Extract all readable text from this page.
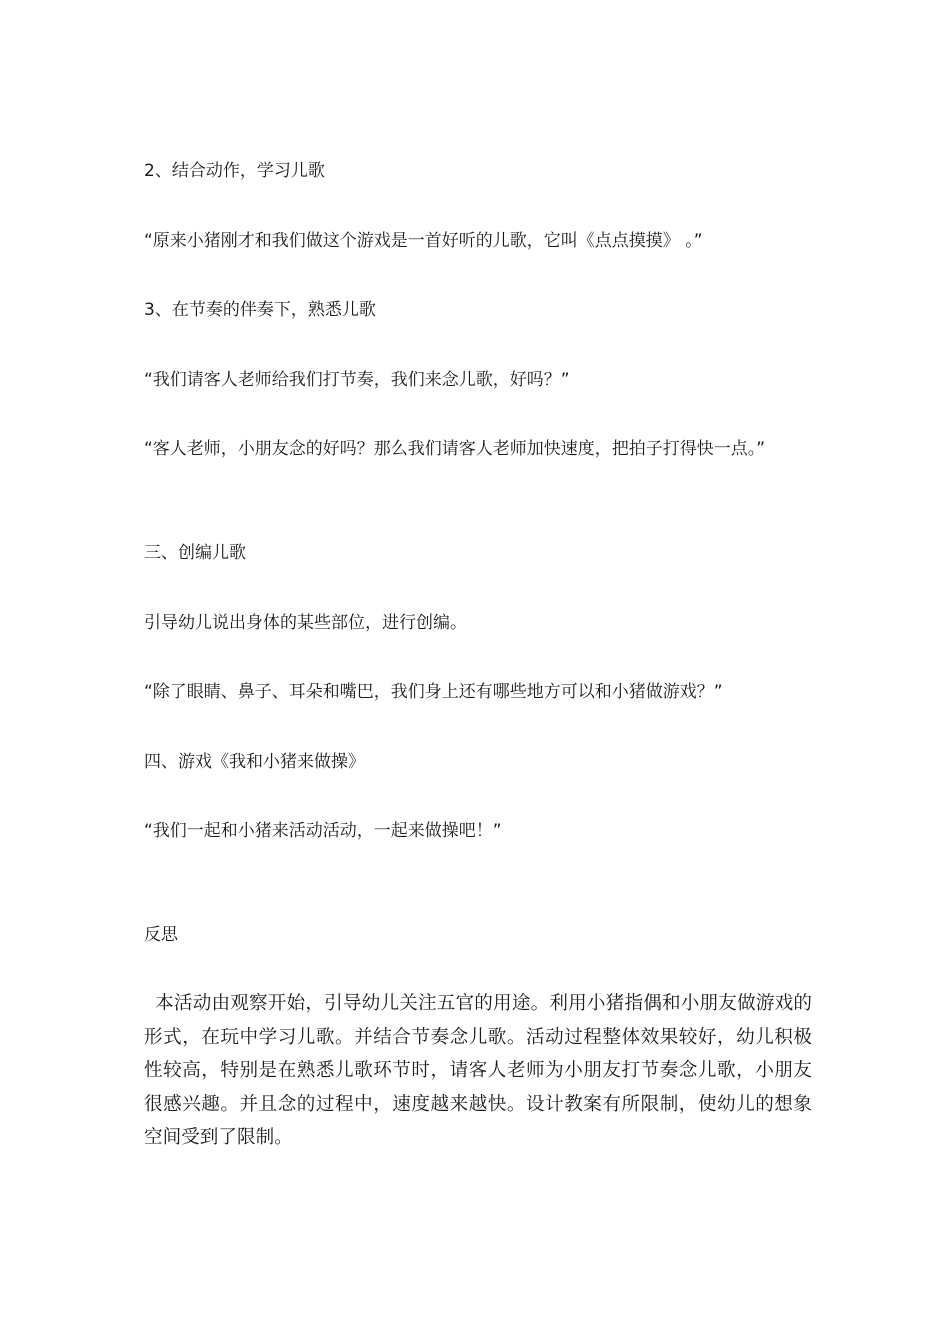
2、结合动作，学习儿歌

“原来小猪刚才和我们做这个游戏是一首好听的儿歌，它叫《点点摸摸》 。”

3、在节奏的伴奏下，熟悉儿歌

“我们请客人老师给我们打节奏，我们来念儿歌，好吗？”

“客人老师，小朋友念的好吗？那么我们请客人老师加快速度，把拍子打得快一点。”

三、创编儿歌

引导幼儿说出身体的某些部位，进行创编。

“除了眼睛、鼻子、耳朵和嘴巴，我们身上还有哪些地方可以和小猪做游戏？”

四、游戏《我和小猪来做操》

“我们一起和小猪来活动活动，一起来做操吧！”

反思

本活动由观察开始，引导幼儿关注五官的用途。利用小猪指偶和小朋友做游戏的形式，在玩中学习儿歌。并结合节奏念儿歌。活动过程整体效果较好，幼儿积极性较高，特别是在熟悉儿歌环节时，请客人老师为小朋友打节奏念儿歌，小朋友很感兴趣。并且念的过程中，速度越来越快。设计教案有所限制，使幼儿的想象空间受到了限制。
